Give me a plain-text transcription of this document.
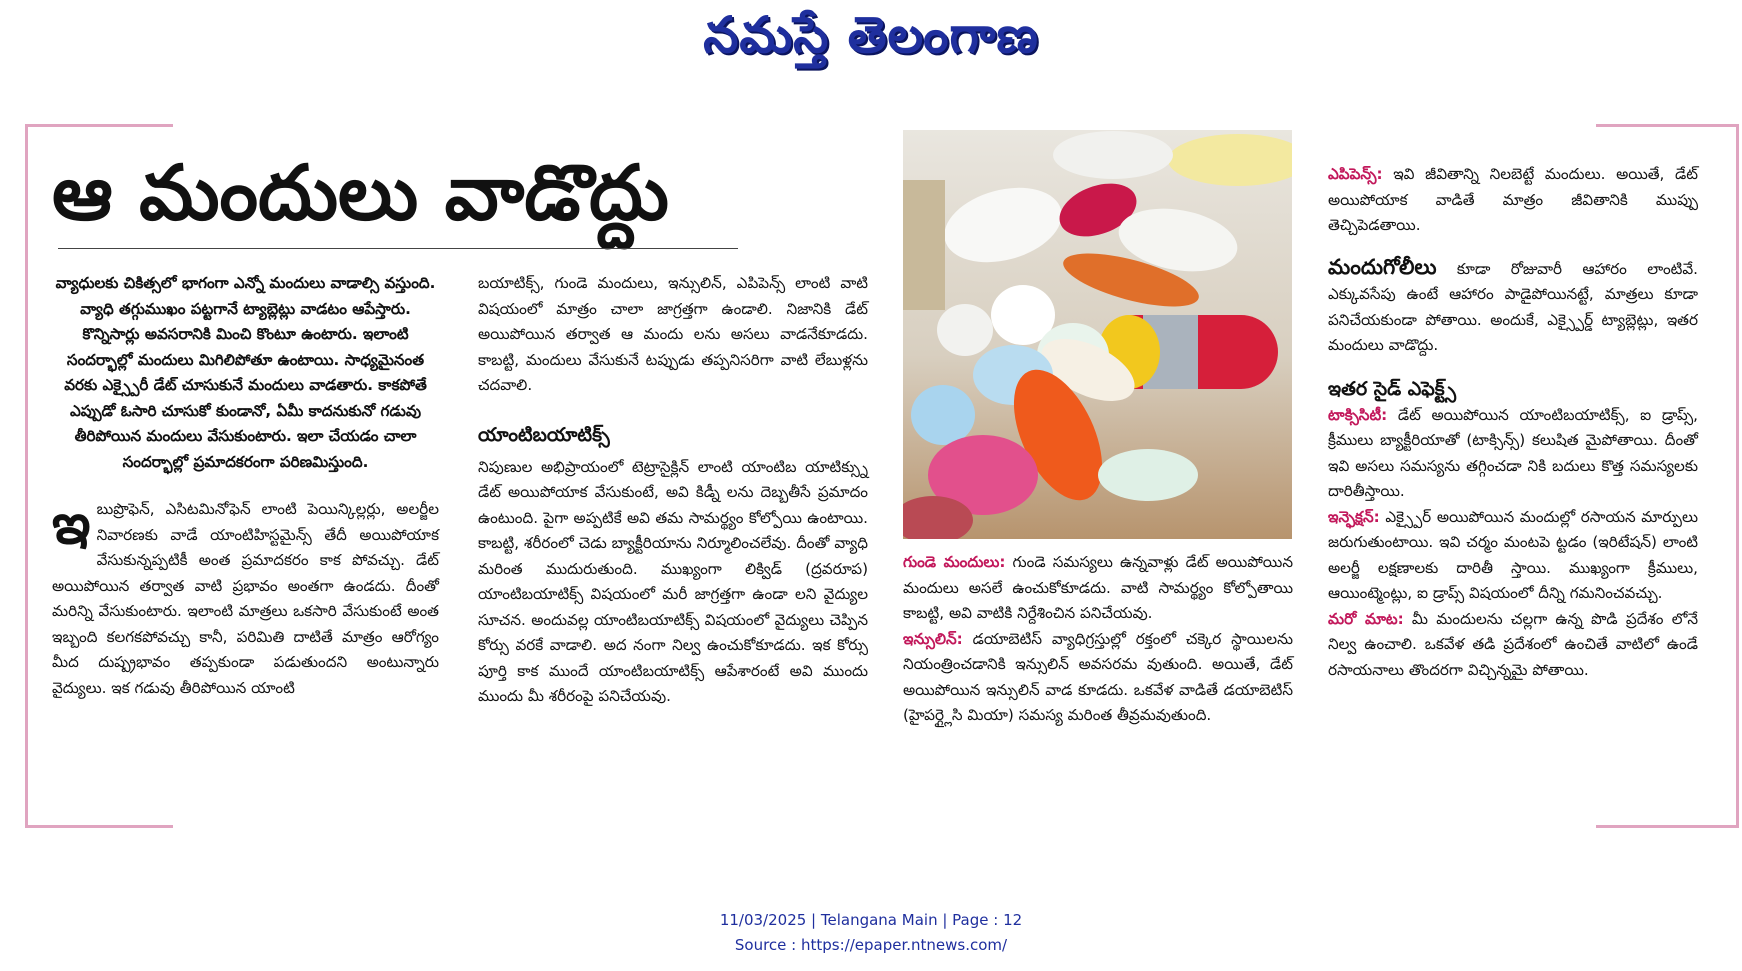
నమస్తే తెలంగాణ
ఆ మందులు వాడొద్దు

వ్యాధులకు చికిత్సలో భాగంగా ఎన్నో మందులు వాడాల్సి వస్తుంది. వ్యాధి తగ్గుముఖం పట్టగానే ట్యాబ్లెట్లు వాడటం ఆపేస్తారు. కొన్నిసార్లు అవసరానికి మించి కొంటూ ఉంటారు. ఇలాంటి సందర్భాల్లో మందులు మిగిలిపోతూ ఉంటాయి. సాధ్యమైనంత వరకు ఎక్స్పైరీ డేట్ చూసుకునే మందులు వాడతారు. కాకపోతే ఎప్పుడో ఓసారి చూసుకో కుండానో, ఏమీ కాదనుకునో గడువు తీరిపోయిన మందులు వేసుకుంటారు. ఇలా చేయడం చాలా సందర్భాల్లో ప్రమాదకరంగా పరిణమిస్తుంది.

ఇ బుప్రొఫెన్, ఎసిటమినోఫెన్ లాంటి పెయిన్కిల్లర్లు, అలర్జీల నివారణకు వాడే యాంటిహిస్టమైన్స్ తేదీ అయిపోయాక వేసుకున్నప్పటికీ అంత ప్రమాదకరం కాక పోవచ్చు. డేట్ అయిపోయిన తర్వాత వాటి ప్రభావం అంతగా ఉండదు. దీంతో మరిన్ని వేసుకుంటారు. ఇలాంటి మాత్రలు ఒకసారి వేసుకుంటే అంత ఇబ్బంది కలగకపోవచ్చు కానీ, పరిమితి దాటితే మాత్రం ఆరోగ్యం మీద దుష్ప్రభావం తప్పకుండా పడుతుందని అంటున్నారు వైద్యులు. ఇక గడువు తీరిపోయిన యాంటి

బయాటిక్స్, గుండె మందులు, ఇన్సులిన్, ఎపిపెన్స్ లాంటి వాటి విషయంలో మాత్రం చాలా జాగ్రత్తగా ఉండాలి. నిజానికి డేట్ అయిపోయిన తర్వాత ఆ మందు లను అసలు వాడనేకూడదు. కాబట్టి, మందులు వేసుకునే టప్పుడు తప్పనిసరిగా వాటి లేబుళ్లను చదవాలి.

యాంటిబయాటిక్స్

నిపుణుల అభిప్రాయంలో టెట్రాసైక్లిన్ లాంటి యాంటిబ యాటిక్స్ను డేట్ అయిపోయాక వేసుకుంటే, అవి కిడ్నీ లను దెబ్బతీసే ప్రమాదం ఉంటుంది. పైగా అప్పటికే అవి తమ సామర్థ్యం కోల్పోయి ఉంటాయి. కాబట్టి, శరీరంలో చెడు బ్యాక్టీరియాను నిర్మూలించలేవు. దీంతో వ్యాధి మరింత ముదురుతుంది. ముఖ్యంగా లిక్విడ్ (ద్రవరూప) యాంటిబయాటిక్స్ విషయంలో మరీ జాగ్రత్తగా ఉండా లని వైద్యుల సూచన. అందువల్ల యాంటిబయాటిక్స్ విషయంలో వైద్యులు చెప్పిన కోర్సు వరకే వాడాలి. అద నంగా నిల్వ ఉంచుకోకూడదు. ఇక కోర్సు పూర్తి కాక ముందే యాంటిబయాటిక్స్ ఆపేశారంటే అవి ముందు ముందు మీ శరీరంపై పనిచేయవు.

గుండె మందులు: గుండె సమస్యలు ఉన్నవాళ్లు డేట్ అయిపోయిన మందులు అసలే ఉంచుకోకూడదు. వాటి సామర్థ్యం కోల్పోతాయి కాబట్టి, అవి వాటికి నిర్దేశించిన పనిచేయవు.

ఇన్సులిన్: డయాబెటిస్ వ్యాధిగ్రస్తుల్లో రక్తంలో చక్కెర స్థాయిలను నియంత్రించడానికి ఇన్సులిన్ అవసరమ వుతుంది. అయితే, డేట్ అయిపోయిన ఇన్సులిన్ వాడ కూడదు. ఒకవేళ వాడితే డయాబెటిస్ (హైపర్గ్లైసి మియా) సమస్య మరింత తీవ్రమవుతుంది.

ఎపిపెన్స్: ఇవి జీవితాన్ని నిలబెట్టే మందులు. అయితే, డేట్ అయిపోయాక వాడితే మాత్రం జీవితానికి ముప్పు తెచ్చిపెడతాయి.

మందుగోలీలు కూడా రోజువారీ ఆహారం లాంటివే. ఎక్కువసేపు ఉంటే ఆహారం పాడైపోయినట్టే, మాత్రలు కూడా పనిచేయకుండా పోతాయి. అందుకే, ఎక్స్పైర్డ్ ట్యాబ్లెట్లు, ఇతర మందులు వాడొద్దు.

ఇతర సైడ్ ఎఫెక్ట్స్

టాక్సిసిటీ: డేట్ అయిపోయిన యాంటిబయాటిక్స్, ఐ డ్రాప్స్, క్రీములు బ్యాక్టీరియాతో (టాక్సిన్స్) కలుషిత మైపోతాయి. దీంతో ఇవి అసలు సమస్యను తగ్గించడా నికి బదులు కొత్త సమస్యలకు దారితీస్తాయి.

ఇన్ఫెక్షన్: ఎక్స్పైర్ అయిపోయిన మందుల్లో రసాయన మార్పులు జరుగుతుంటాయి. ఇవి చర్మం మంటపె ట్టడం (ఇరిటేషన్) లాంటి అలర్జీ లక్షణాలకు దారితీ స్తాయి. ముఖ్యంగా క్రీములు, ఆయింట్మెంట్లు, ఐ డ్రాప్స్ విషయంలో దీన్ని గమనించవచ్చు.

మరో మాట: మీ మందులను చల్లగా ఉన్న పొడి ప్రదేశం లోనే నిల్వ ఉంచాలి. ఒకవేళ తడి ప్రదేశంలో ఉంచితే వాటిలో ఉండే రసాయనాలు తొందరగా విచ్చిన్నమై పోతాయి.

11/03/2025 | Telangana Main | Page : 12
Source : https://epaper.ntnews.com/
